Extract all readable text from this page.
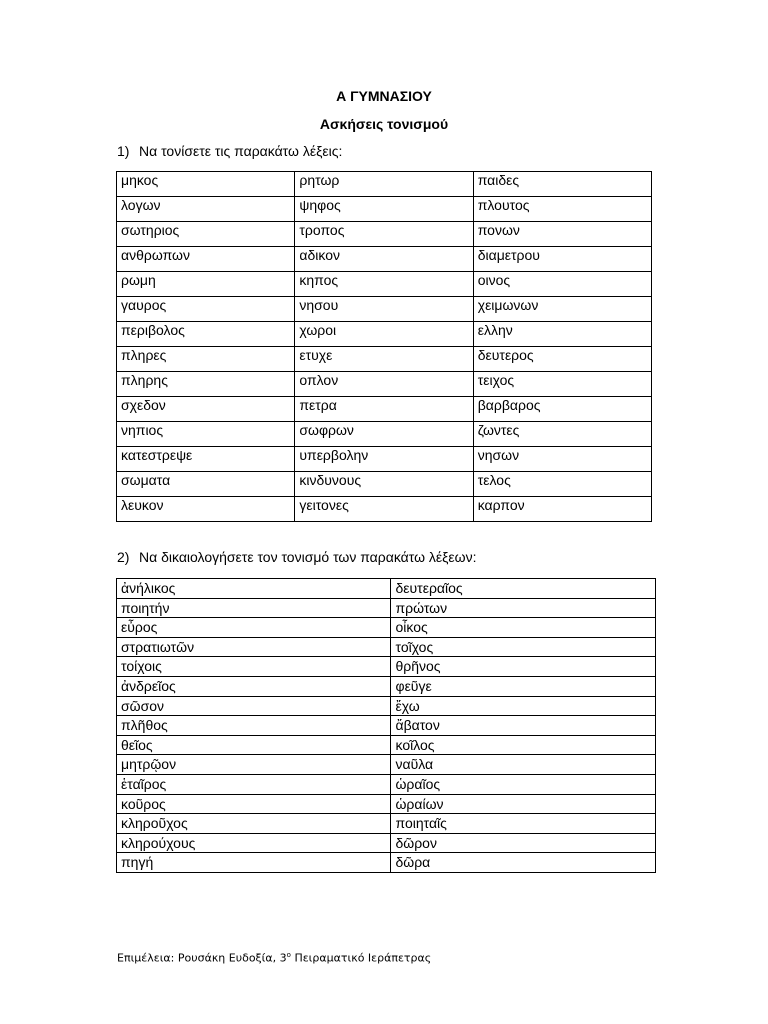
Α ΓΥΜΝΑΣΙΟΥ
Ασκήσεις τονισμού
1) Να τονίσετε τις παρακάτω λέξεις:
μηκος	ρητωρ	παιδες
λογων	ψηφος	πλουτος
σωτηριος	τροπος	πονων
ανθρωπων	αδικον	διαμετρου
ρωμη	κηπος	οινος
γαυρος	νησου	χειμωνων
περιβολος	χωροι	ελλην
πληρες	ετυχε	δευτερος
πληρης	οπλον	τειχος
σχεδον	πετρα	βαρβαρος
νηπιος	σωφρων	ζωντες
κατεστρεψε	υπερβολην	νησων
σωματα	κινδυνους	τελος
λευκον	γειτονες	καρπον
2) Να δικαιολογήσετε τον τονισμό των παρακάτω λέξεων:
ἀνήλικος	δευτεραῖος
ποιητήν	πρώτων
εὖρος	οἶκος
στρατιωτῶν	τοῖχος
τοίχοις	θρῆνος
ἀνδρεῖος	φεῦγε
σῶσον	ἔχω
πλῆθος	ἄβατον
θεῖος	κοῖλος
μητρῷον	ναῦλα
ἑταῖρος	ὡραῖος
κοῦρος	ὡραίων
κληροῦχος	ποιηταῖς
κληρούχους	δῶρον
πηγή	δῶρα
Επιμέλεια: Ρουσάκη Ευδοξία, $3^o$ Πειραματικό Ιεράπετρας
